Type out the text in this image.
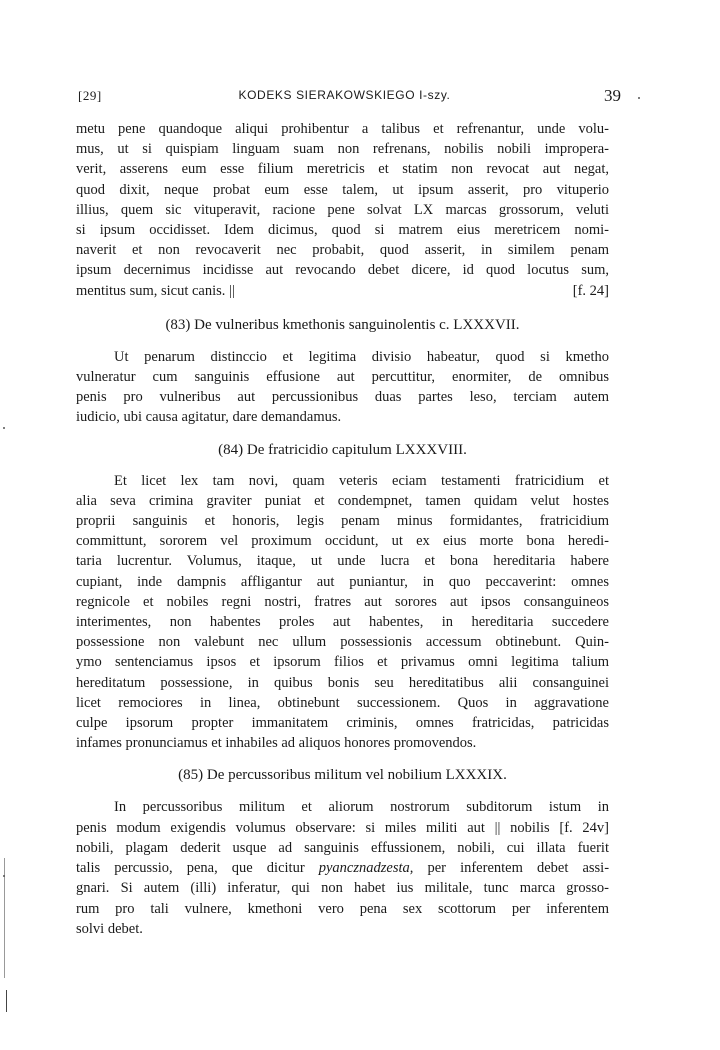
[29]	KODEKS SIERAKOWSKIEGO I-szy.	39
metu pene quandoque aliqui prohibentur a talibus et refrenantur, unde volu-
mus, ut si quispiam linguam suam non refrenans, nobilis nobili impropera-
verit, asserens eum esse filium meretricis et statim non revocat aut negat,
quod dixit, neque probat eum esse talem, ut ipsum asserit, pro vituperio
illius, quem sic vituperavit, racione pene solvat LX marcas grossorum, veluti
si ipsum occidisset. Idem dicimus, quod si matrem eius meretricem nomi-
naverit et non revocaverit nec probabit, quod asserit, in similem penam
ipsum decernimus incidisse aut revocando debet dicere, id quod locutus sum,
mentitus sum, sicut canis. ||	[f. 24]

(83) De vulneribus kmethonis sanguinolentis c. LXXXVII.

Ut penarum distinccio et legitima divisio habeatur, quod si kmetho
vulneratur cum sanguinis effusione aut percuttitur, enormiter, de omnibus
penis pro vulneribus aut percussionibus duas partes leso, terciam autem
iudicio, ubi causa agitatur, dare demandamus.

(84) De fratricidio capitulum LXXXVIII.

Et licet lex tam novi, quam veteris eciam testamenti fratricidium et
alia seva crimina graviter puniat et condempnet, tamen quidam velut hostes
proprii sanguinis et honoris, legis penam minus formidantes, fratricidium
committunt, sororem vel proximum occidunt, ut ex eius morte bona heredi-
taria lucrentur. Volumus, itaque, ut unde lucra et bona hereditaria habere
cupiant, inde dampnis affligantur aut puniantur, in quo peccaverint: omnes
regnicole et nobiles regni nostri, fratres aut sorores aut ipsos consanguineos
interimentes, non habentes proles aut habentes, in hereditaria succedere
possessione non valebunt nec ullum possessionis accessum obtinebunt. Quin-
ymo sentenciamus ipsos et ipsorum filios et privamus omni legitima talium
hereditatum possessione, in quibus bonis seu hereditatibus alii consanguinei
licet remociores in linea, obtinebunt successionem. Quos in aggravatione
culpe ipsorum propter immanitatem criminis, omnes fratricidas, patricidas
infames pronunciamus et inhabiles ad aliquos honores promovendos.

(85) De percussoribus militum vel nobilium LXXXIX.

In percussoribus militum et aliorum nostrorum subditorum istum in
penis modum exigendis volumus observare: si miles militi aut || nobilis [f. 24v]
nobili, plagam dederit usque ad sanguinis effussionem, nobili, cui illata fuerit
talis percussio, pena, que dicitur pyancznadzesta, per inferentem debet assi-
gnari. Si autem (illi) inferatur, qui non habet ius militale, tunc marca grosso-
rum pro tali vulnere, kmethoni vero pena sex scottorum per inferentem
solvi debet.
